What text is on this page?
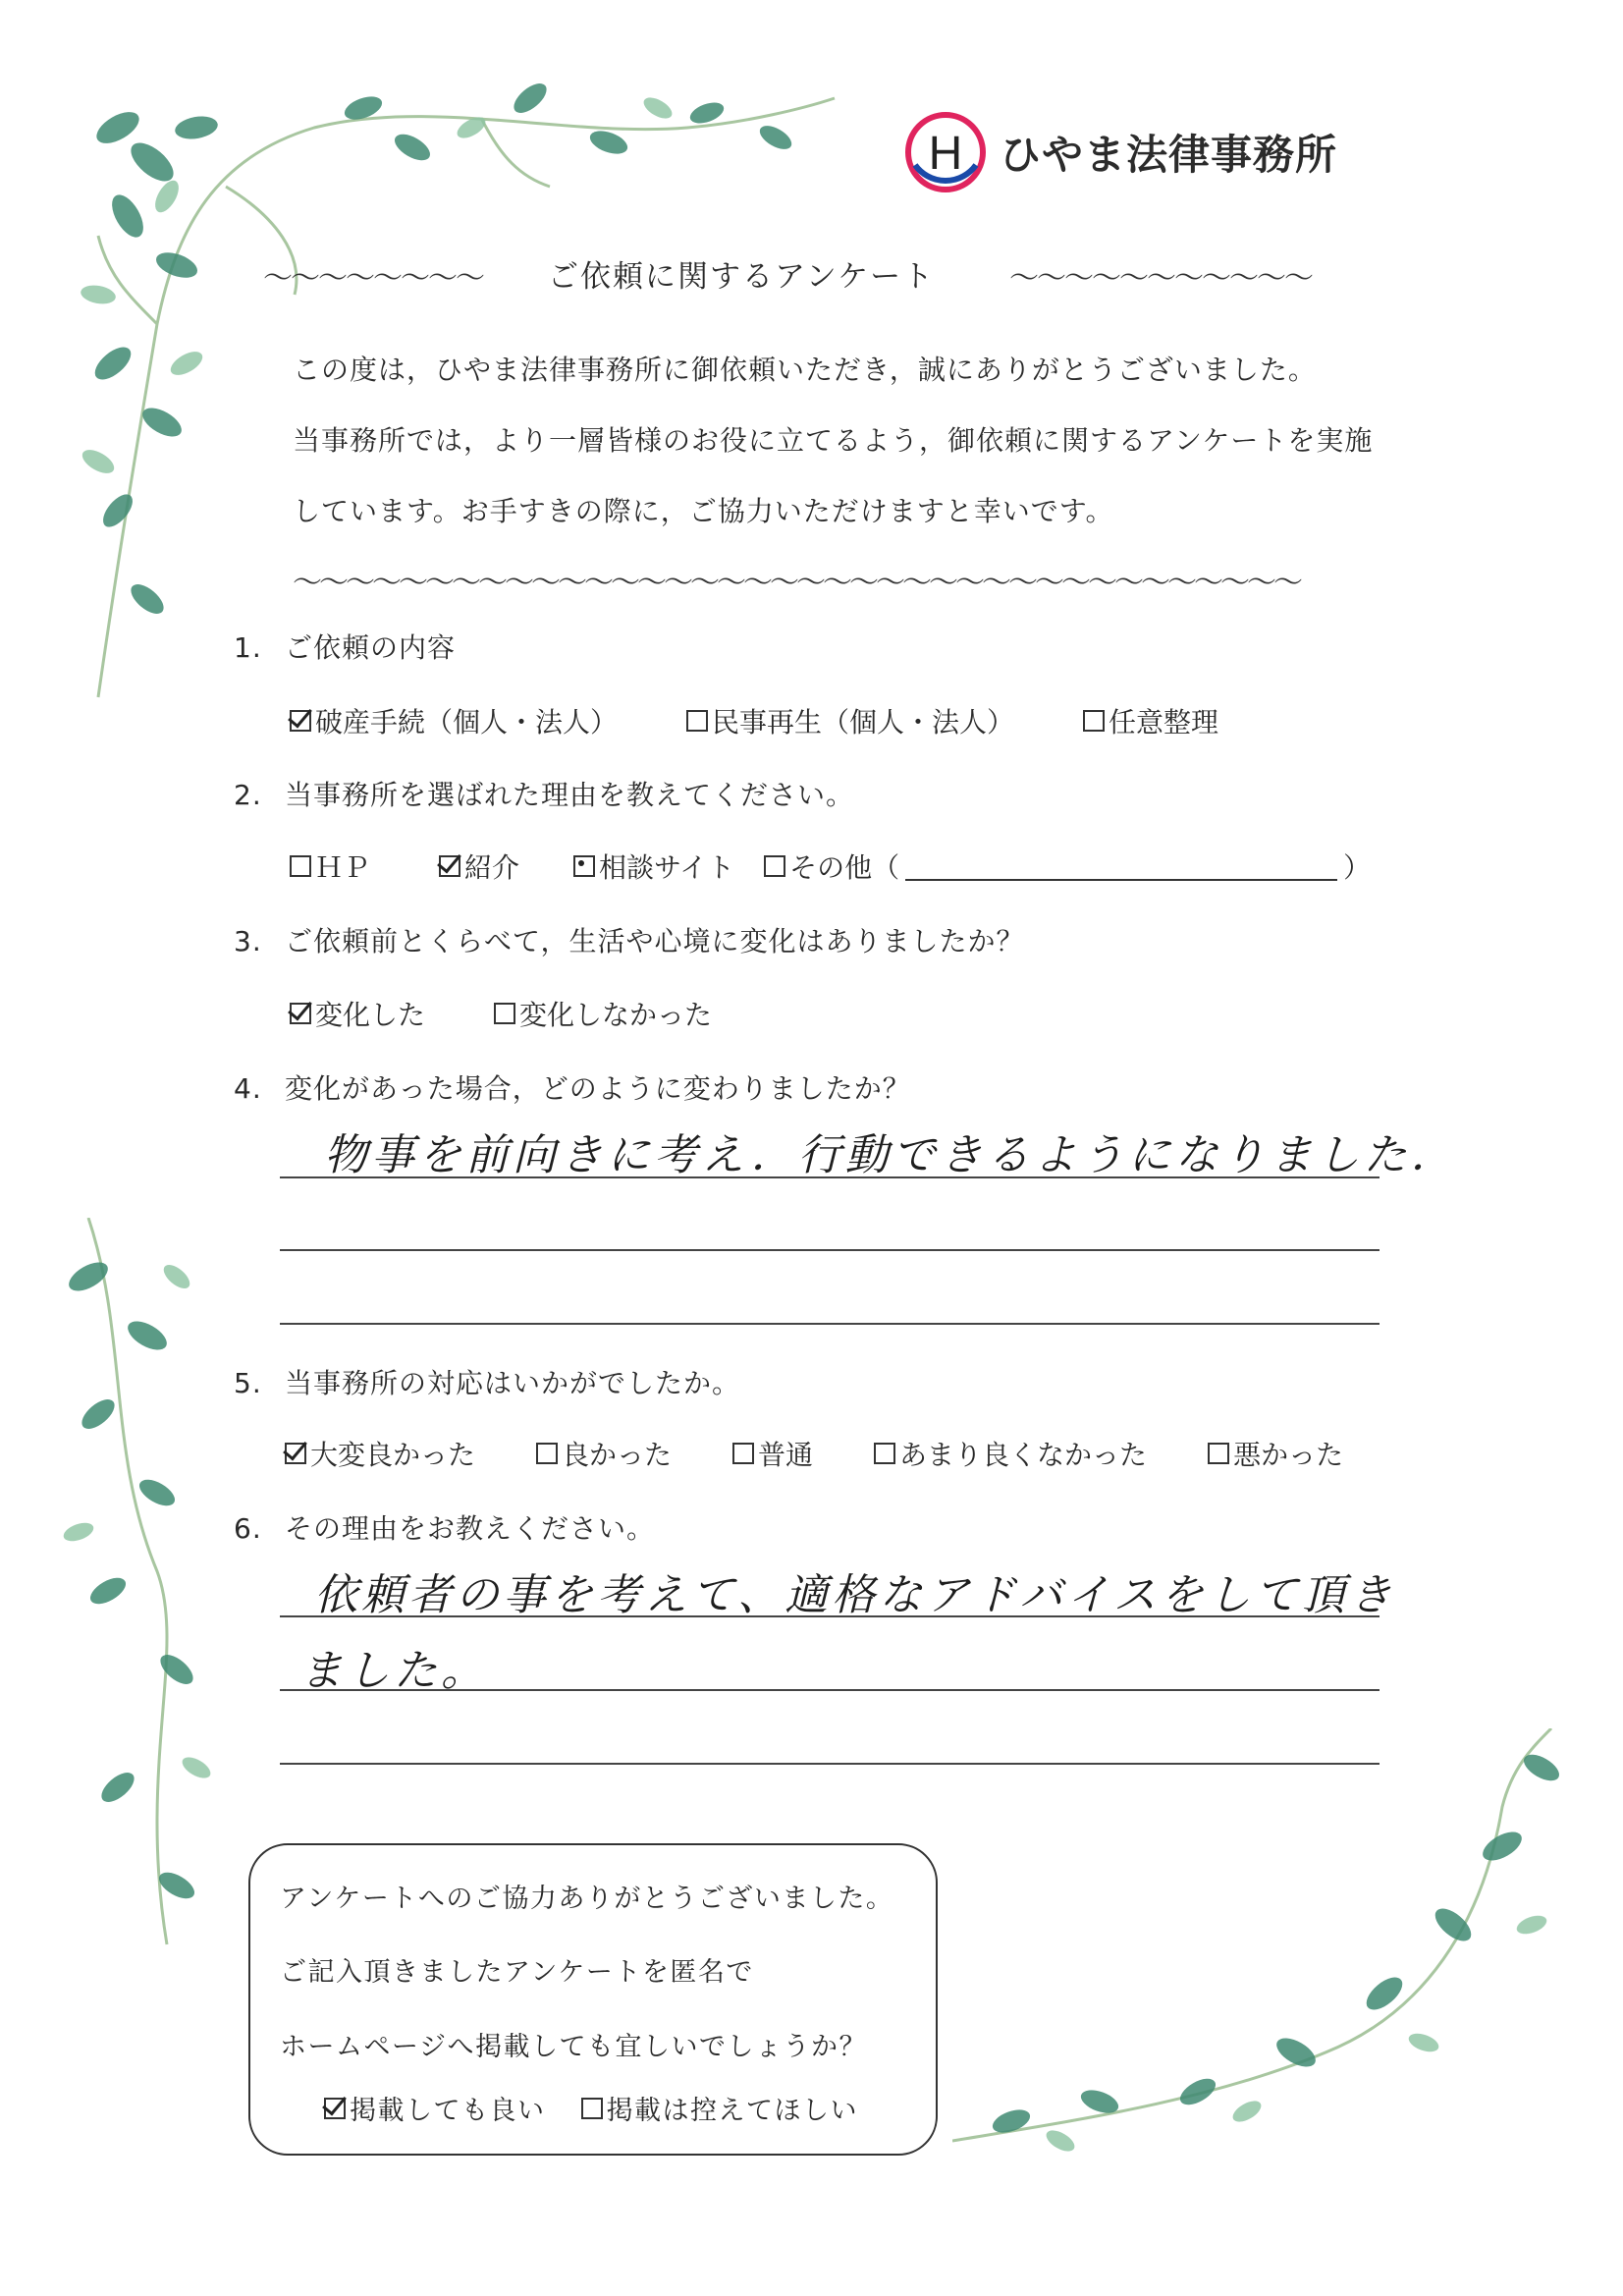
H ひやま法律事務所
〜〜〜〜〜〜〜〜 ご依頼に関するアンケート	〜〜〜〜〜〜〜〜〜〜〜
この度は，ひやま法律事務所に御依頼いただき，誠にありがとうございました。
当事務所では，より一層皆様のお役に立てるよう，御依頼に関するアンケートを実施
しています。お手すきの際に，ご協力いただけますと幸いです。
〜〜〜〜〜〜〜〜〜〜〜〜〜〜〜〜〜〜〜〜〜〜〜〜〜〜〜〜〜〜〜〜〜〜〜〜〜〜
1. ご依頼の内容
破産手続（個人・法人）	民事再生（個人・法人）	任意整理
2. 当事務所を選ばれた理由を教えてください。
ＨＰ	紹介	相談サイト その他（	）
3. ご依頼前とくらべて，生活や心境に変化はありましたか？
変化した	変化しなかった
4. 変化があった場合，どのように変わりましたか？
物事を前向きに考え．行動できるようになりました．
5. 当事務所の対応はいかがでしたか。
大変良かった	良かった	普通	あまり良くなかった	悪かった
6. その理由をお教えください。
依頼者の事を考えて、適格なアドバイスをして頂き
ました。
アンケートへのご協力ありがとうございました。
ご記入頂きましたアンケートを匿名で
ホームページへ掲載しても宜しいでしょうか？
掲載しても良い 掲載は控えてほしい
